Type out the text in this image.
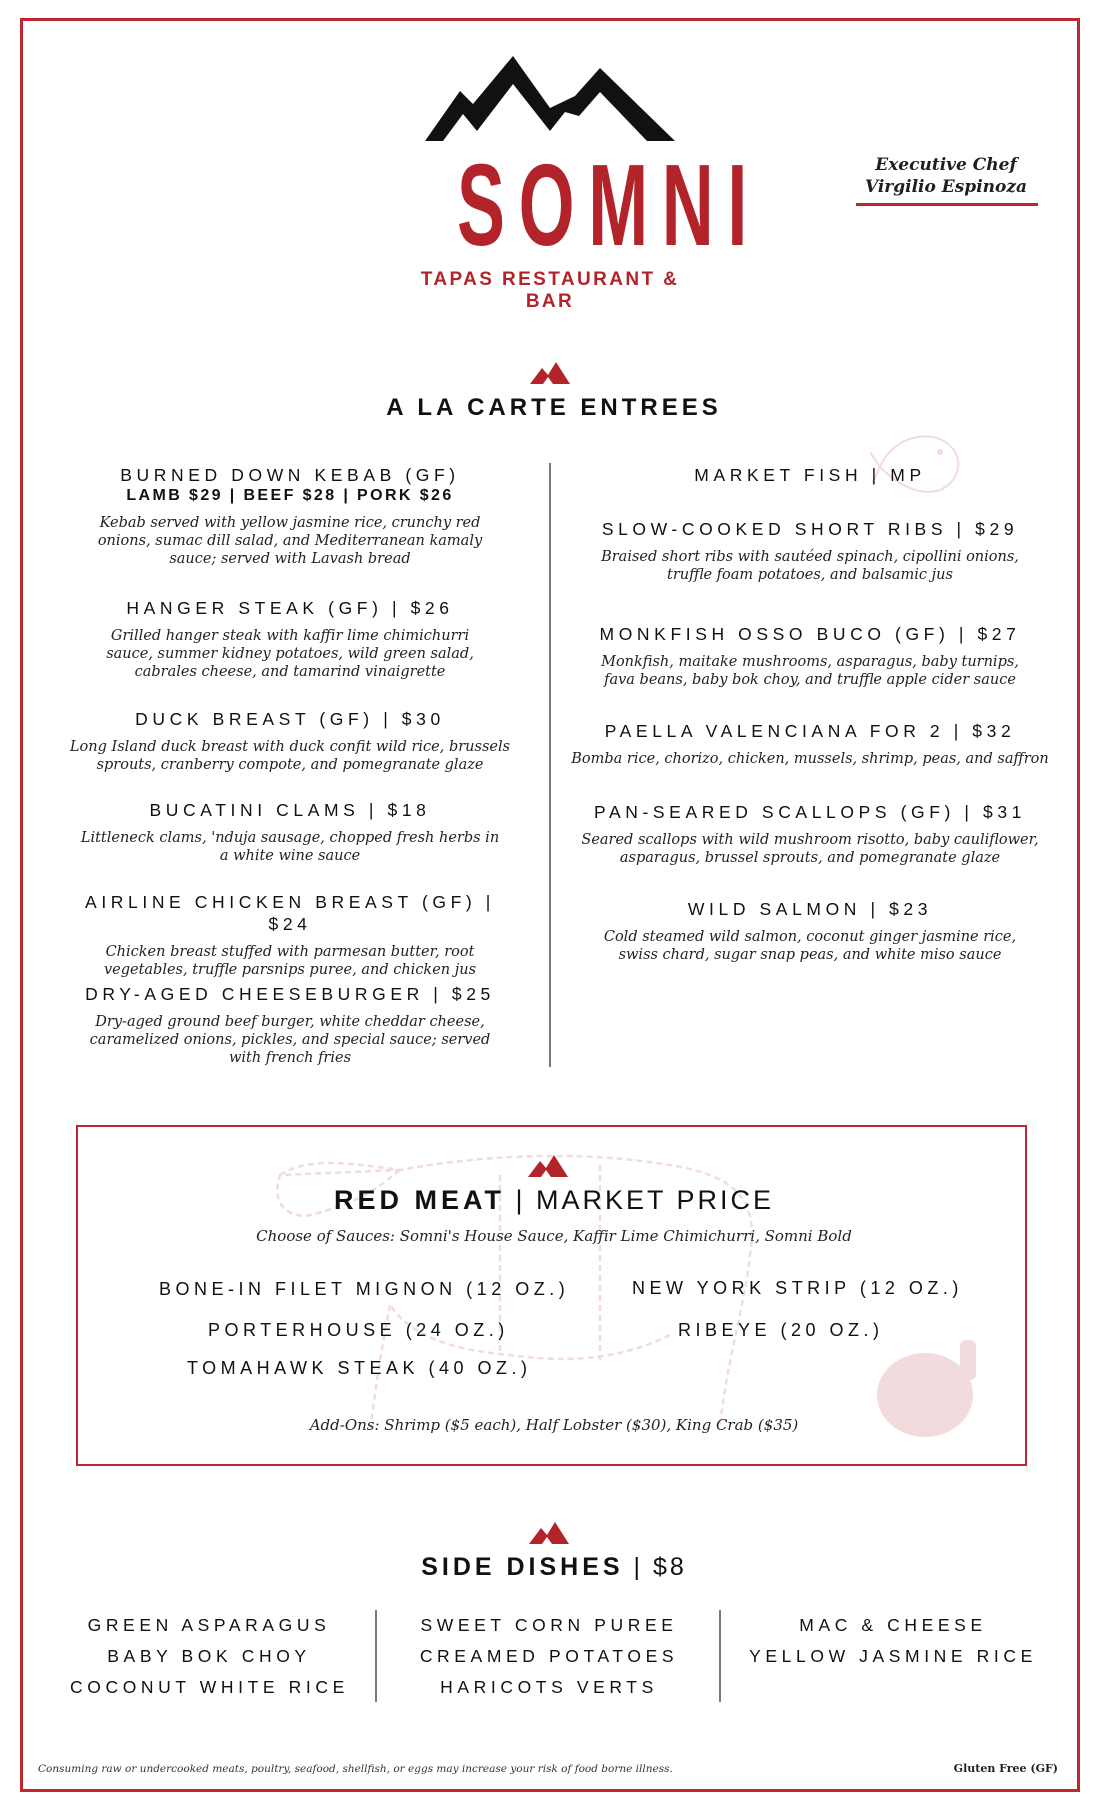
SOMNI
TAPAS RESTAURANT & BAR
Executive Chef
Virgilio Espinoza
A LA CARTE ENTREES
BURNED DOWN KEBAB (GF)
LAMB $29 | BEEF $28 | PORK $26
Kebab served with yellow jasmine rice, crunchy red onions, sumac dill salad, and Mediterranean kamaly sauce; served with Lavash bread
HANGER STEAK (GF) | $26
Grilled hanger steak with kaffir lime chimichurri sauce, summer kidney potatoes, wild green salad, cabrales cheese, and tamarind vinaigrette
DUCK BREAST (GF) | $30
Long Island duck breast with duck confit wild rice, brussels sprouts, cranberry compote, and pomegranate glaze
BUCATINI CLAMS | $18
Littleneck clams, 'nduja sausage, chopped fresh herbs in a white wine sauce
AIRLINE CHICKEN BREAST (GF) | $24
Chicken breast stuffed with parmesan butter, root vegetables, truffle parsnips puree, and chicken jus
DRY-AGED CHEESEBURGER | $25
Dry-aged ground beef burger, white cheddar cheese, caramelized onions, pickles, and special sauce; served with french fries
MARKET FISH | MP
SLOW-COOKED SHORT RIBS | $29
Braised short ribs with sautéed spinach, cipollini onions, truffle foam potatoes, and balsamic jus
MONKFISH OSSO BUCO (GF) | $27
Monkfish, maitake mushrooms, asparagus, baby turnips, fava beans, baby bok choy, and truffle apple cider sauce
PAELLA VALENCIANA FOR 2 | $32
Bomba rice, chorizo, chicken, mussels, shrimp, peas, and saffron
PAN-SEARED SCALLOPS (GF) | $31
Seared scallops with wild mushroom risotto, baby cauliflower, asparagus, brussel sprouts, and pomegranate glaze
WILD SALMON | $23
Cold steamed wild salmon, coconut ginger jasmine rice, swiss chard, sugar snap peas, and white miso sauce
RED MEAT | MARKET PRICE
Choose of Sauces: Somni's House Sauce, Kaffir Lime Chimichurri, Somni Bold
BONE-IN FILET MIGNON (12 OZ.)	NEW YORK STRIP (12 OZ.)
PORTERHOUSE (24 OZ.)	RIBEYE (20 OZ.)
TOMAHAWK STEAK (40 OZ.)
Add-Ons: Shrimp ($5 each), Half Lobster ($30), King Crab ($35)
SIDE DISHES | $8
GREEN ASPARAGUS
BABY BOK CHOY
COCONUT WHITE RICE
SWEET CORN PUREE
CREAMED POTATOES
HARICOTS VERTS
MAC & CHEESE
YELLOW JASMINE RICE
Consuming raw or undercooked meats, poultry, seafood, shellfish, or eggs may increase your risk of food borne illness.	Gluten Free (GF)
